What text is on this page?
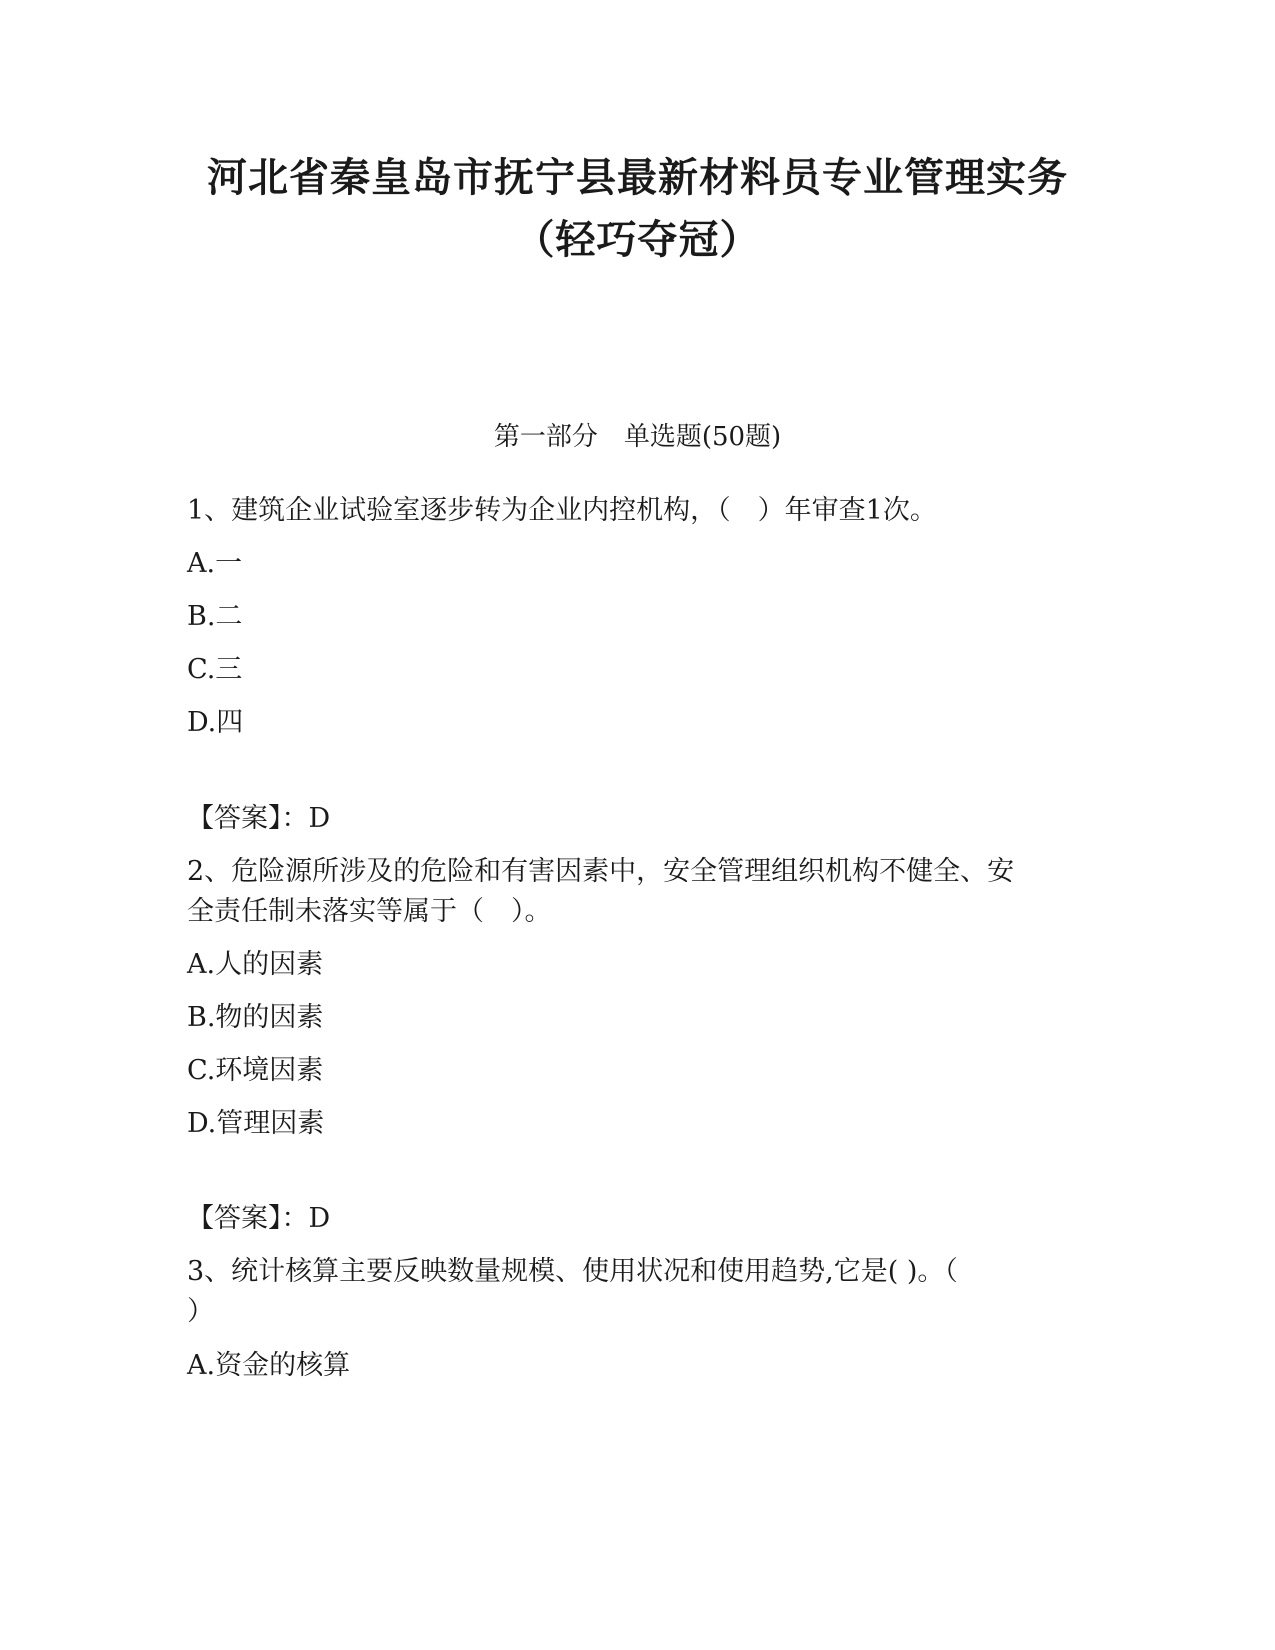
河北省秦皇岛市抚宁县最新材料员专业管理实务
（轻巧夺冠）
第一部分　单选题(50题)
1、建筑企业试验室逐步转为企业内控机构，（　）年审查1次。
A.一
B.二
C.三
D.四
【答案】：D
2、危险源所涉及的危险和有害因素中，安全管理组织机构不健全、安
全责任制未落实等属于（　）。
A.人的因素
B.物的因素
C.环境因素
D.管理因素
【答案】：D
3、统计核算主要反映数量规模、使用状况和使用趋势,它是( )。（
）
A.资金的核算
